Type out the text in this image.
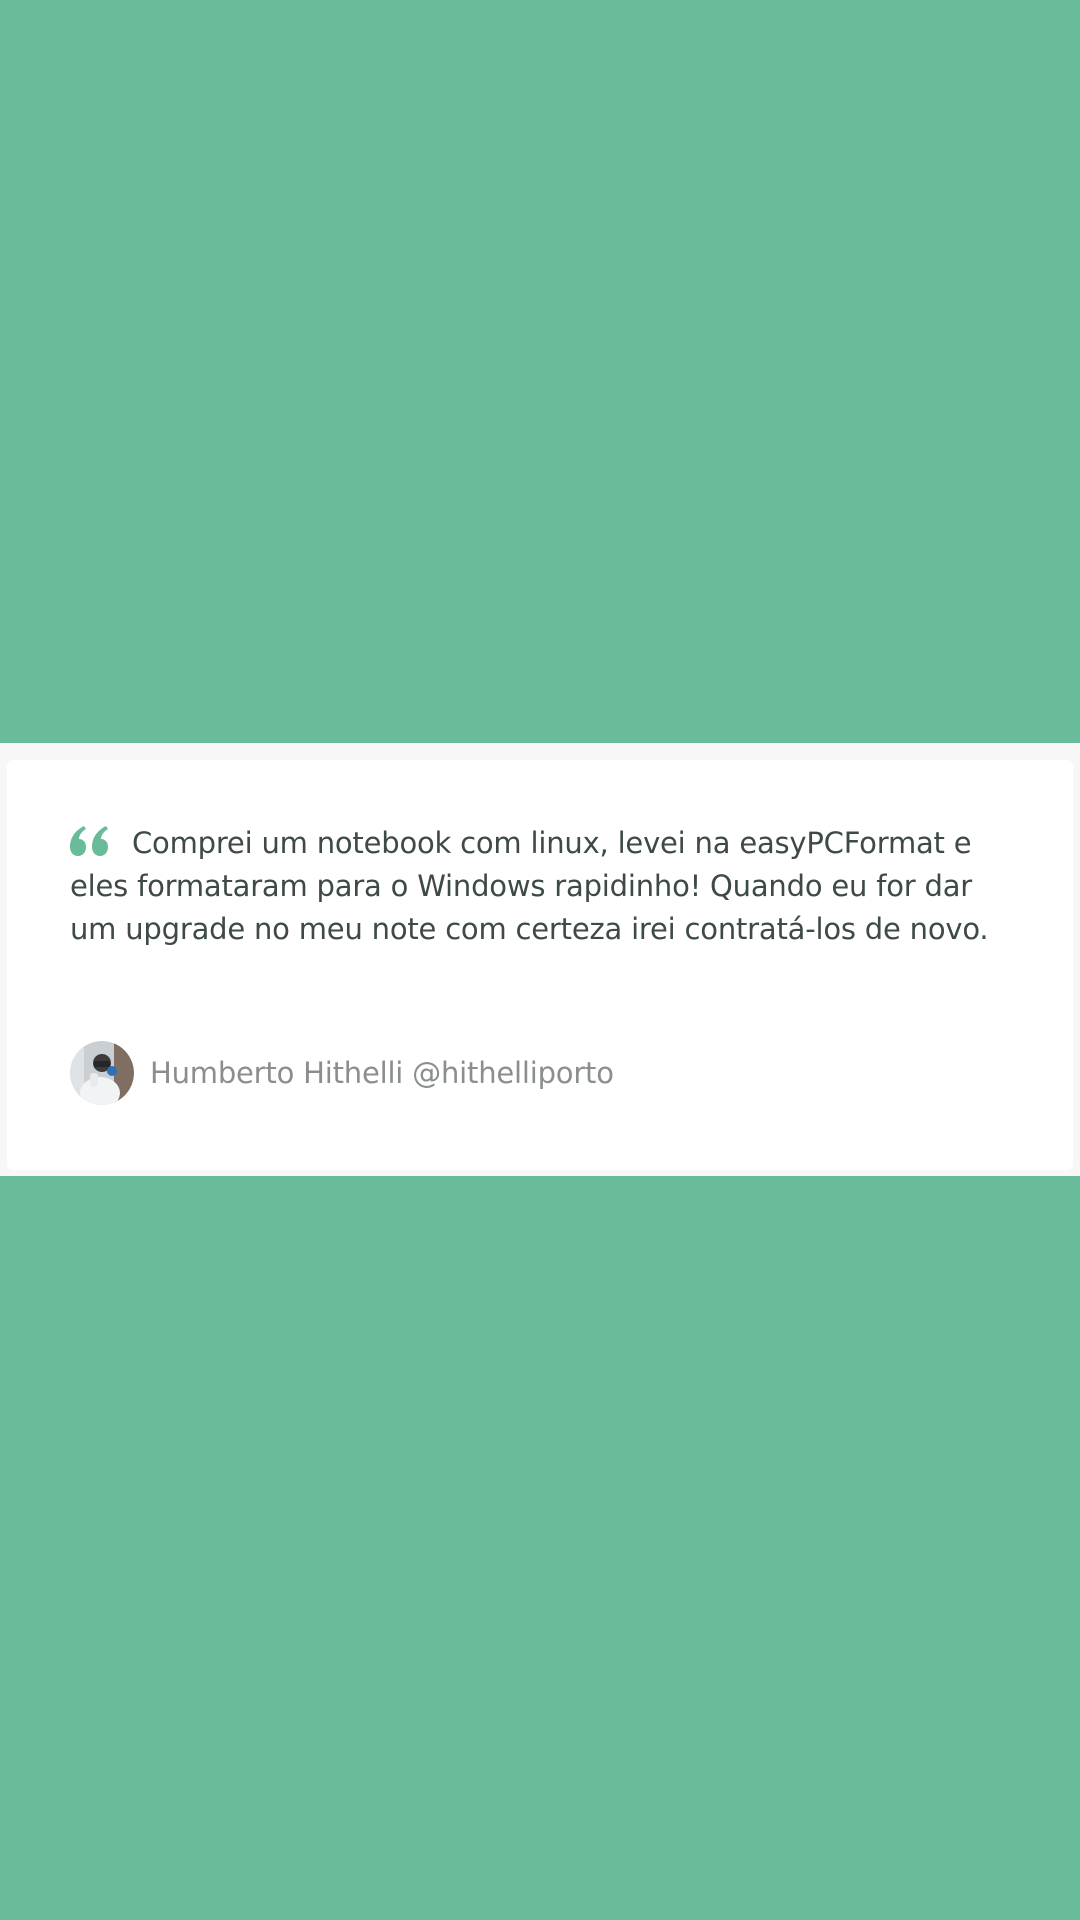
Comprei um notebook com linux, levei na easyPCFormat e eles formataram para o Windows rapidinho! Quando eu for dar um upgrade no meu note com certeza irei contratá-los de novo.
Humberto Hithelli @hithelliporto
